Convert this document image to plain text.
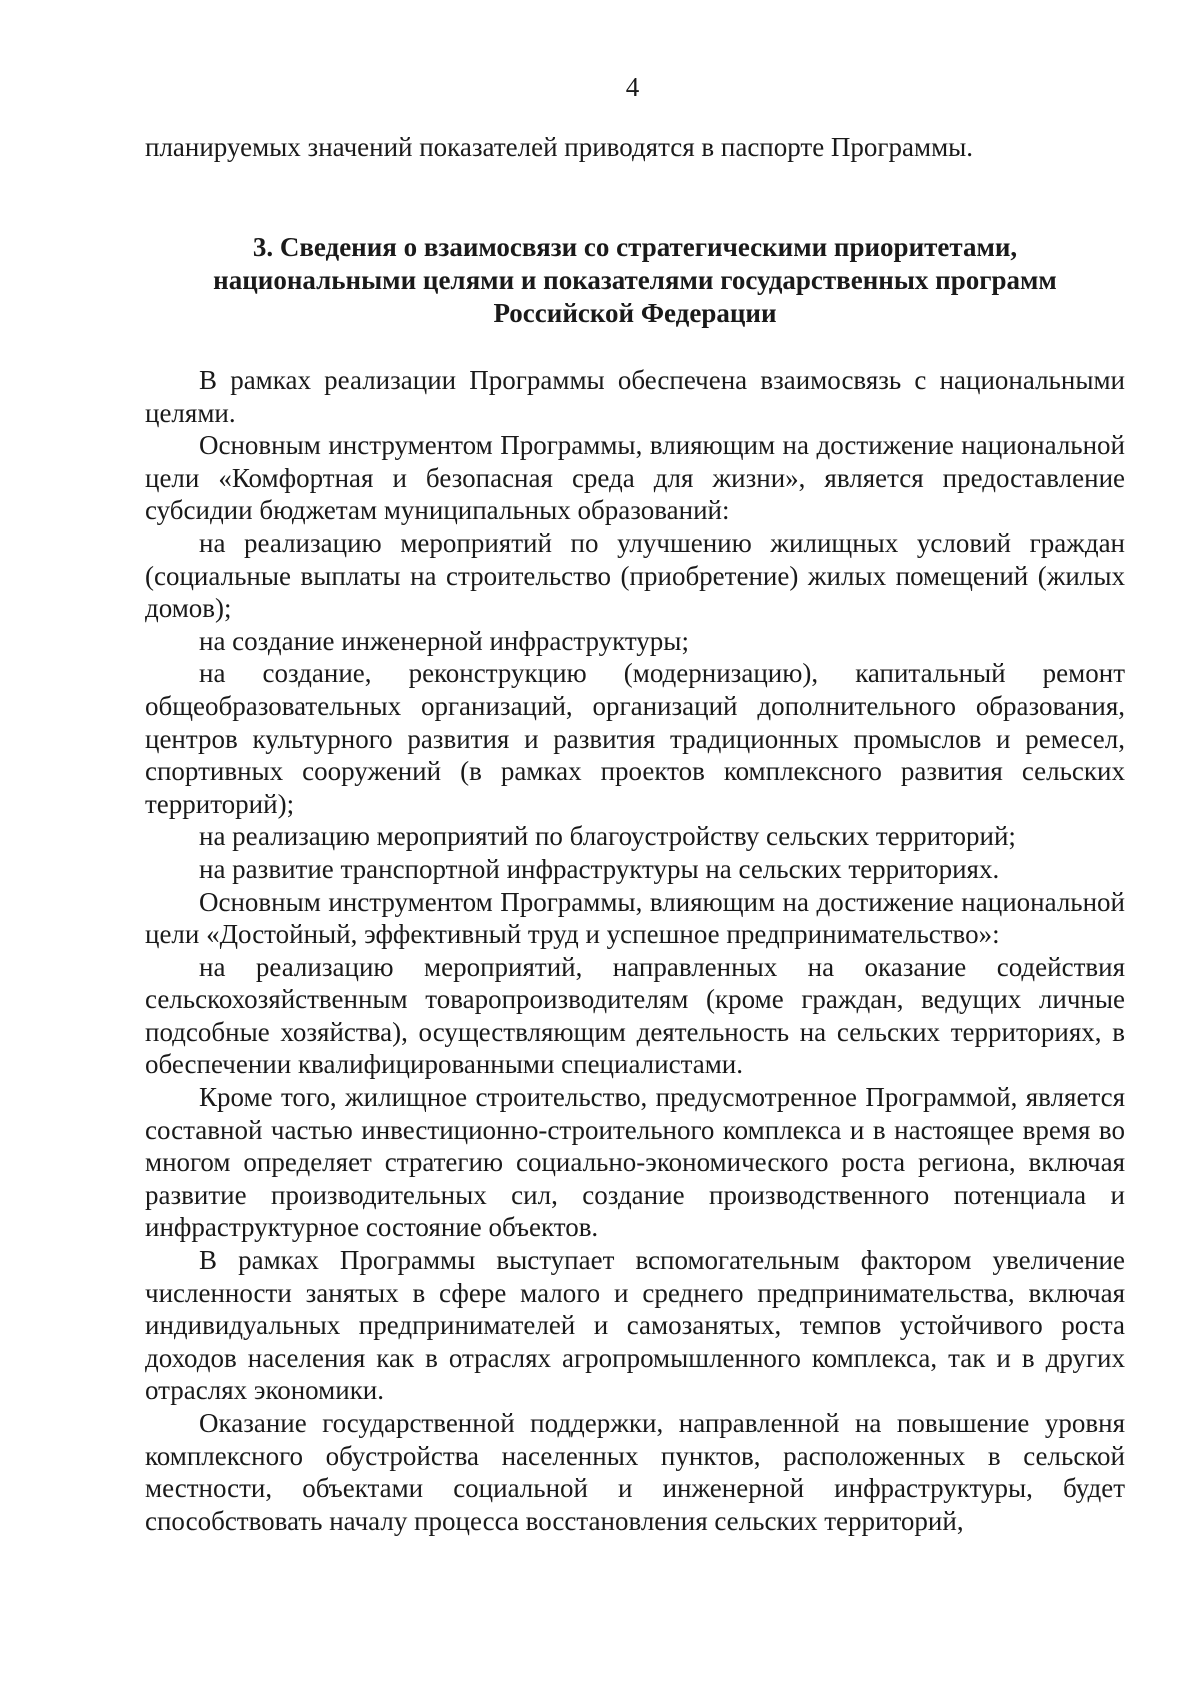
4

планируемых значений показателей приводятся в паспорте Программы.

3. Сведения о взаимосвязи со стратегическими приоритетами,
национальными целями и показателями государственных программ
Российской Федерации

В рамках реализации Программы обеспечена взаимосвязь с национальными целями.

Основным инструментом Программы, влияющим на достижение национальной цели «Комфортная и безопасная среда для жизни», является предоставление субсидии бюджетам муниципальных образований:

на реализацию мероприятий по улучшению жилищных условий граждан (социальные выплаты на строительство (приобретение) жилых помещений (жилых домов);

на создание инженерной инфраструктуры;

на создание, реконструкцию (модернизацию), капитальный ремонт общеобразовательных организаций, организаций дополнительного образования, центров культурного развития и развития традиционных промыслов и ремесел, спортивных сооружений (в рамках проектов комплексного развития сельских территорий);

на реализацию мероприятий по благоустройству сельских территорий;

на развитие транспортной инфраструктуры на сельских территориях.

Основным инструментом Программы, влияющим на достижение национальной цели «Достойный, эффективный труд и успешное предпринимательство»:

на реализацию мероприятий, направленных на оказание содействия сельскохозяйственным товаропроизводителям (кроме граждан, ведущих личные подсобные хозяйства), осуществляющим деятельность на сельских территориях, в обеспечении квалифицированными специалистами.

Кроме того, жилищное строительство, предусмотренное Программой, является составной частью инвестиционно-строительного комплекса и в настоящее время во многом определяет стратегию социально-экономического роста региона, включая развитие производительных сил, создание производственного потенциала и инфраструктурное состояние объектов.

В рамках Программы выступает вспомогательным фактором увеличение численности занятых в сфере малого и среднего предпринимательства, включая индивидуальных предпринимателей и самозанятых, темпов устойчивого роста доходов населения как в отраслях агропромышленного комплекса, так и в других отраслях экономики.

Оказание государственной поддержки, направленной на повышение уровня комплексного обустройства населенных пунктов, расположенных в сельской местности, объектами социальной и инженерной инфраструктуры, будет способствовать началу процесса восстановления сельских территорий,
